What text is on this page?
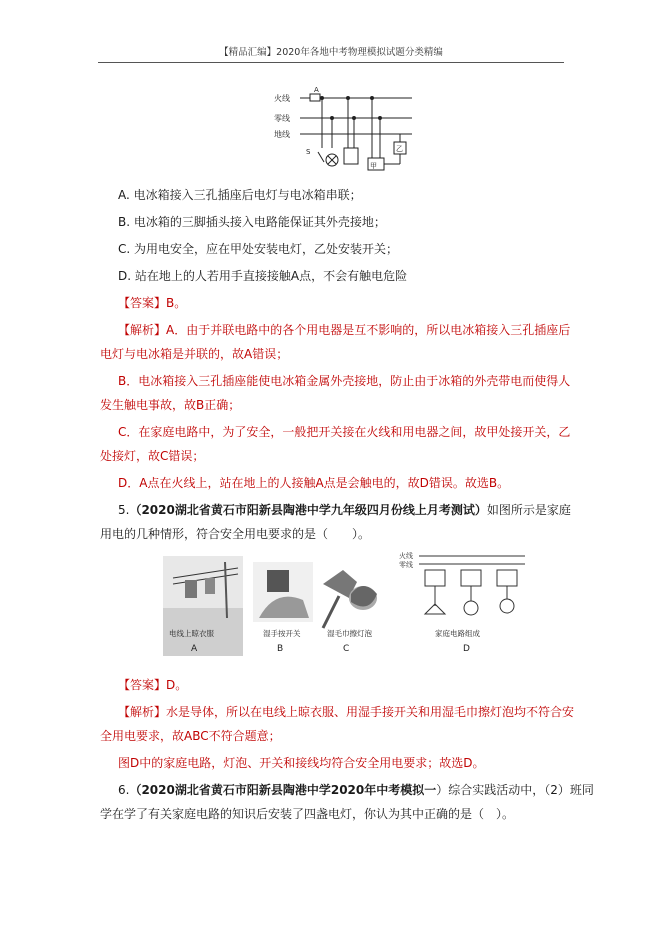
【精品汇编】2020年各地中考物理模拟试题分类精编
火线
零线
地线
A
S
甲
乙
A. 电冰箱接入三孔插座后电灯与电冰箱串联；
B. 电冰箱的三脚插头接入电路能保证其外壳接地；
C. 为用电安全，应在甲处安装电灯，乙处安装开关；
D. 站在地上的人若用手直接接触A点，不会有触电危险
【答案】B。
【解析】A．由于并联电路中的各个用电器是互不影响的，所以电冰箱接入三孔插座后
电灯与电冰箱是并联的，故A错误；
B．电冰箱接入三孔插座能使电冰箱金属外壳接地，防止由于冰箱的外壳带电而使得人
发生触电事故，故B正确；
C．在家庭电路中，为了安全，一般把开关接在火线和用电器之间，故甲处接开关，乙
处接灯，故C错误；
D．A点在火线上，站在地上的人接触A点是会触电的，故D错误。故选B。
5.（2020湖北省黄石市阳新县陶港中学九年级四月份线上月考测试）如图所示是家庭
用电的几种情形，符合安全用电要求的是（　　）。
火线
零线
电线上晾衣服	湿手按开关	湿毛巾擦灯泡	家庭电路组成
A	B	C	D
【答案】D。
【解析】水是导体，所以在电线上晾衣服、用湿手接开关和用湿毛巾擦灯泡均不符合安
全用电要求，故ABC不符合题意；
图D中的家庭电路，灯泡、开关和接线均符合安全用电要求；故选D。
6.（2020湖北省黄石市阳新县陶港中学2020年中考模拟一）综合实践活动中，（2）班同
学在学了有关家庭电路的知识后安装了四盏电灯，你认为其中正确的是（　）。
